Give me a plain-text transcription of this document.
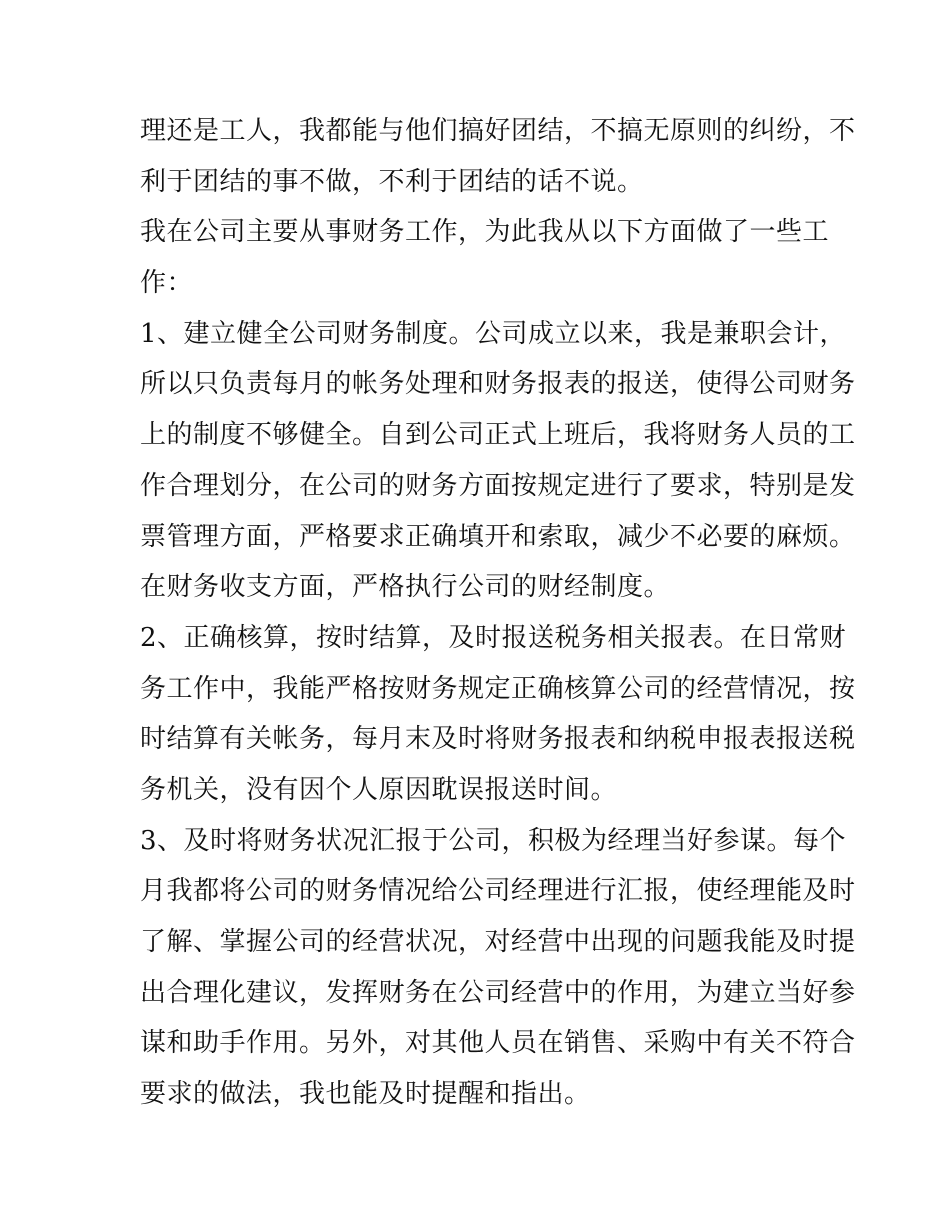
理还是工人，我都能与他们搞好团结，不搞无原则的纠纷，不
利于团结的事不做，不利于团结的话不说。
我在公司主要从事财务工作，为此我从以下方面做了一些工
作：
1、建立健全公司财务制度。公司成立以来，我是兼职会计，
所以只负责每月的帐务处理和财务报表的报送，使得公司财务
上的制度不够健全。自到公司正式上班后，我将财务人员的工
作合理划分，在公司的财务方面按规定进行了要求，特别是发
票管理方面，严格要求正确填开和索取，减少不必要的麻烦。
在财务收支方面，严格执行公司的财经制度。
2、正确核算，按时结算，及时报送税务相关报表。在日常财
务工作中，我能严格按财务规定正确核算公司的经营情况，按
时结算有关帐务，每月末及时将财务报表和纳税申报表报送税
务机关，没有因个人原因耽误报送时间。
3、及时将财务状况汇报于公司，积极为经理当好参谋。每个
月我都将公司的财务情况给公司经理进行汇报，使经理能及时
了解、掌握公司的经营状况，对经营中出现的问题我能及时提
出合理化建议，发挥财务在公司经营中的作用，为建立当好参
谋和助手作用。另外，对其他人员在销售、采购中有关不符合
要求的做法，我也能及时提醒和指出。
